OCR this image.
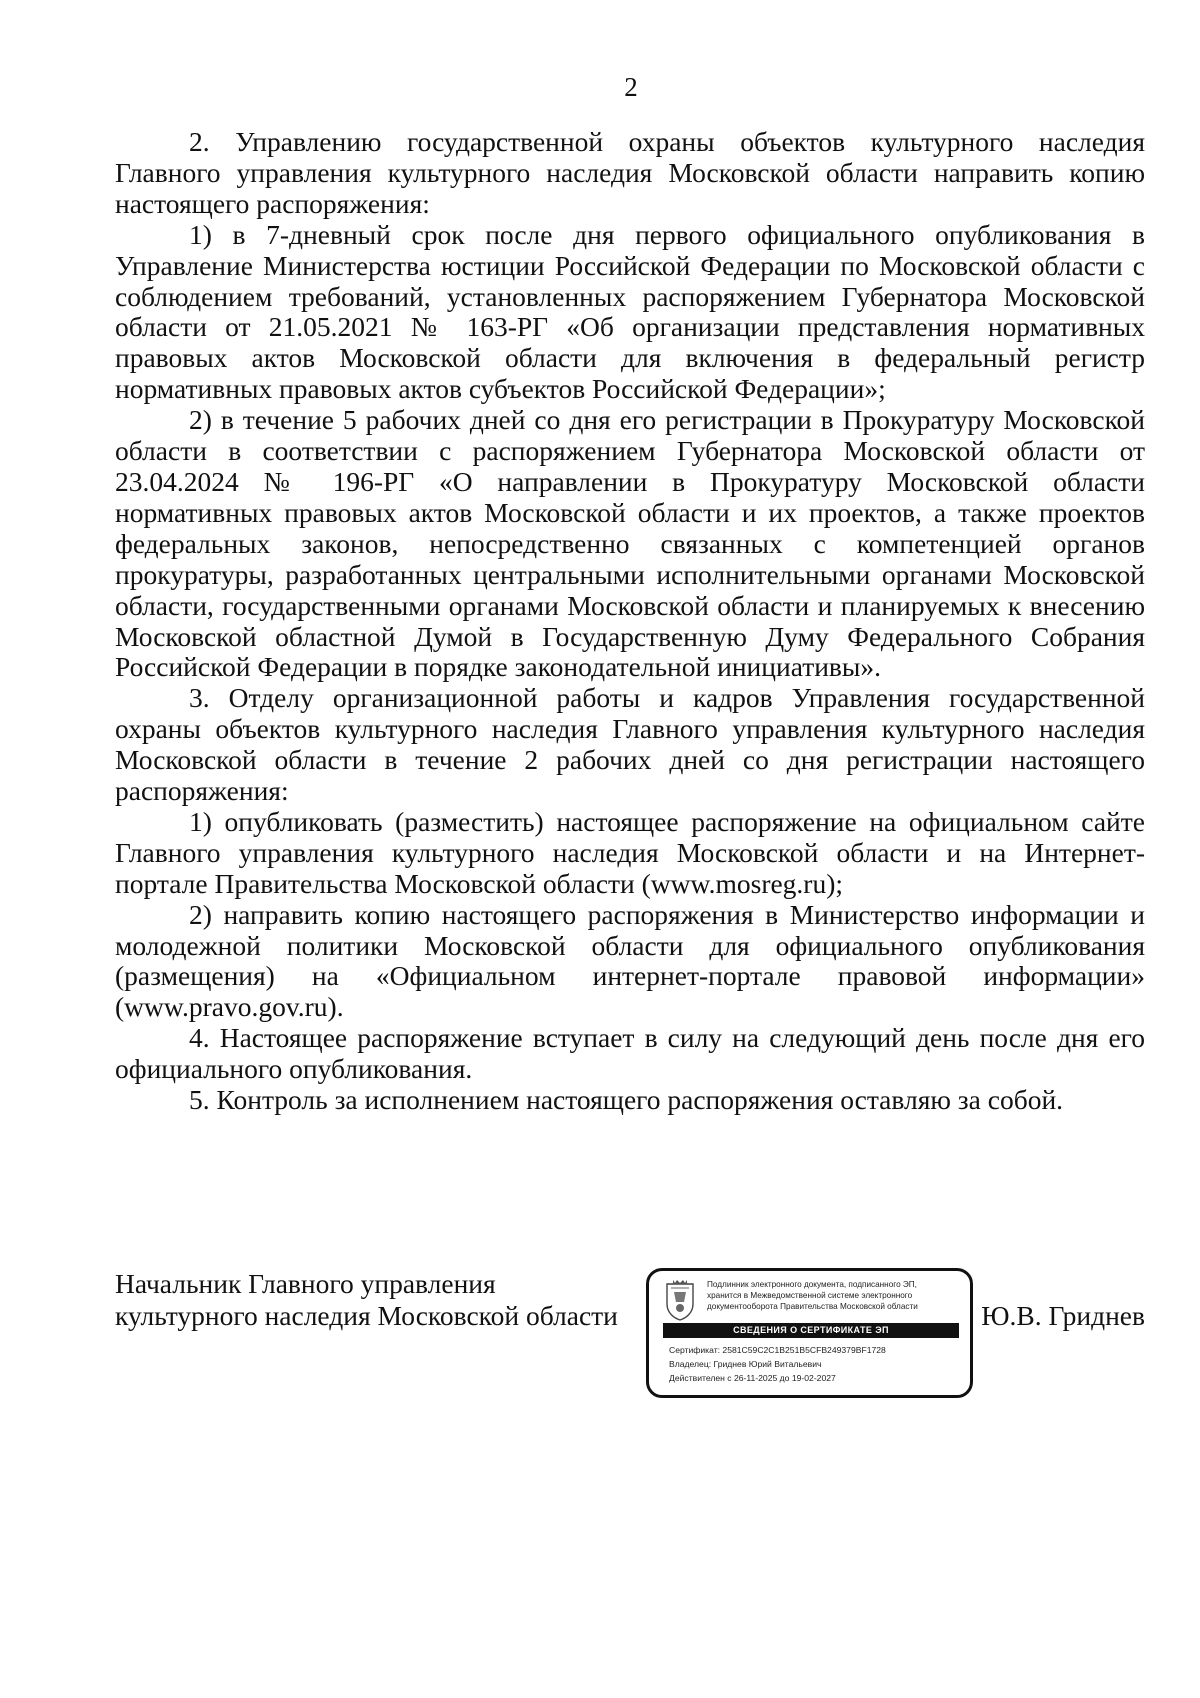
2

2. Управлению государственной охраны объектов культурного наследия Главного управления культурного наследия Московской области направить копию настоящего распоряжения:

1) в 7-дневный срок после дня первого официального опубликования в Управление Министерства юстиции Российской Федерации по Московской области с соблюдением требований, установленных распоряжением Губернатора Московской области от 21.05.2021 № 163-РГ «Об организации представления нормативных правовых актов Московской области для включения в федеральный регистр нормативных правовых актов субъектов Российской Федерации»;

2) в течение 5 рабочих дней со дня его регистрации в Прокуратуру Московской области в соответствии с распоряжением Губернатора Московской области от 23.04.2024 № 196-РГ «О направлении в Прокуратуру Московской области нормативных правовых актов Московской области и их проектов, а также проектов федеральных законов, непосредственно связанных с компетенцией органов прокуратуры, разработанных центральными исполнительными органами Московской области, государственными органами Московской области и планируемых к внесению Московской областной Думой в Государственную Думу Федерального Собрания Российской Федерации в порядке законодательной инициативы».

3. Отделу организационной работы и кадров Управления государственной охраны объектов культурного наследия Главного управления культурного наследия Московской области в течение 2 рабочих дней со дня регистрации настоящего распоряжения:

1) опубликовать (разместить) настоящее распоряжение на официальном сайте Главного управления культурного наследия Московской области и на Интернет-портале Правительства Московской области (www.mosreg.ru);

2) направить копию настоящего распоряжения в Министерство информации и молодежной политики Московской области для официального опубликования (размещения) на «Официальном интернет-портале правовой информации» (www.pravo.gov.ru).

4. Настоящее распоряжение вступает в силу на следующий день после дня его официального опубликования.

5. Контроль за исполнением настоящего распоряжения оставляю за собой.

Начальник Главного управления
культурного наследия Московской области
Подлинник электронного документа, подписанного ЭП,
хранится в Межведомственной системе электронного
документооборота Правительства Московской области
СВЕДЕНИЯ О СЕРТИФИКАТЕ ЭП
Сертификат: 2581C59C2C1B251B5CFB249379BF1728
Владелец: Гриднев Юрий Витальевич
Действителен с 26-11-2025 до 19-02-2027
Ю.В. Гриднев
